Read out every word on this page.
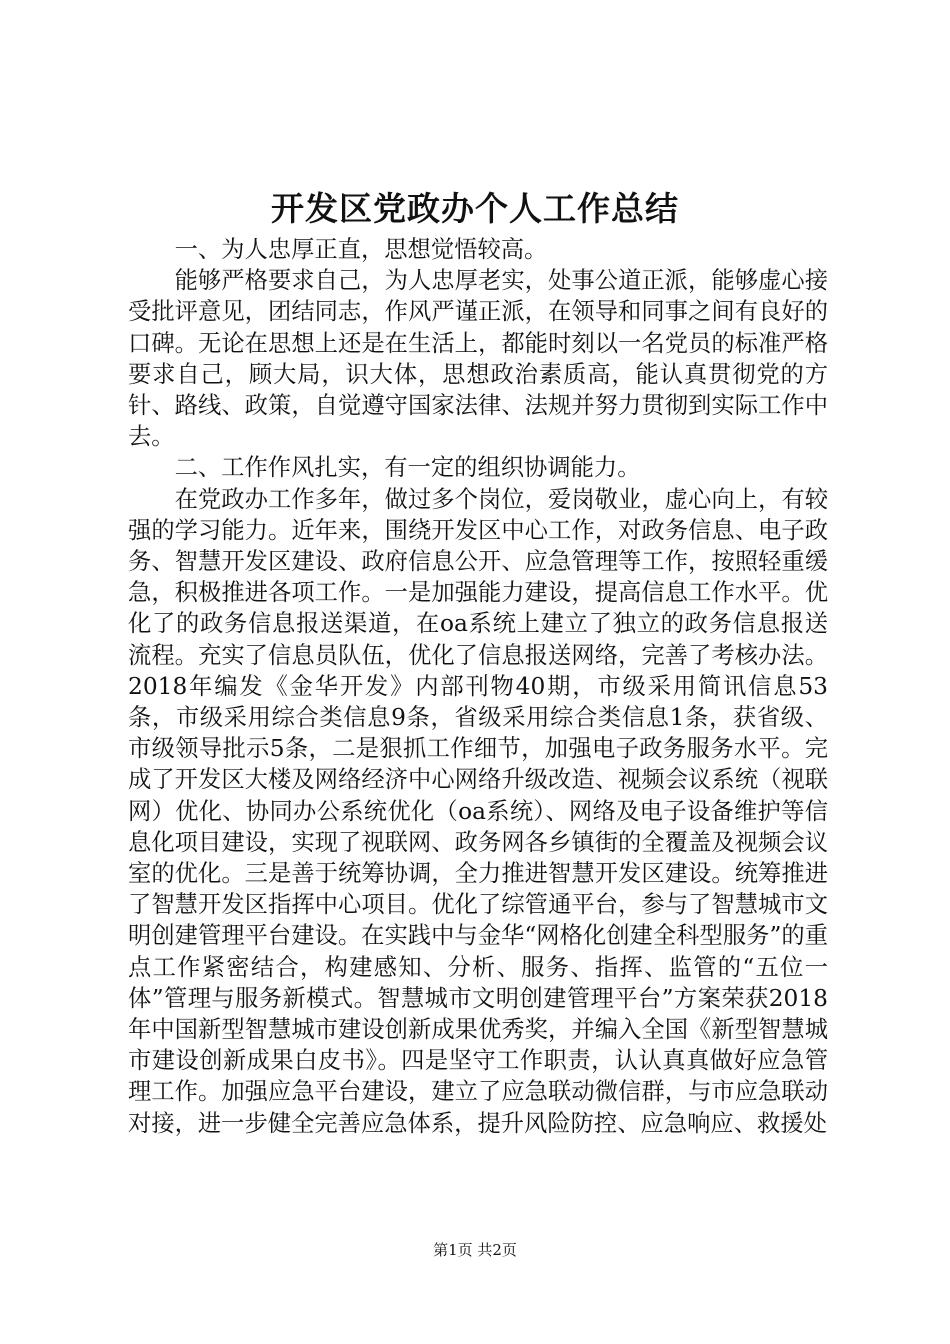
开发区党政办个人工作总结

一、为人忠厚正直，思想觉悟较高。

能够严格要求自己，为人忠厚老实，处事公道正派，能够虚心接受批评意见，团结同志，作风严谨正派，在领导和同事之间有良好的口碑。无论在思想上还是在生活上，都能时刻以一名党员的标准严格要求自己，顾大局，识大体，思想政治素质高，能认真贯彻党的方针、路线、政策，自觉遵守国家法律、法规并努力贯彻到实际工作中去。

二、工作作风扎实，有一定的组织协调能力。

在党政办工作多年，做过多个岗位，爱岗敬业，虚心向上，有较强的学习能力。近年来，围绕开发区中心工作，对政务信息、电子政务、智慧开发区建设、政府信息公开、应急管理等工作，按照轻重缓急，积极推进各项工作。一是加强能力建设，提高信息工作水平。优化了的政务信息报送渠道，在oa系统上建立了独立的政务信息报送流程。充实了信息员队伍，优化了信息报送网络，完善了考核办法。2018年编发《金华开发》内部刊物40期，市级采用简讯信息53条，市级采用综合类信息9条，省级采用综合类信息1条，获省级、市级领导批示5条，二是狠抓工作细节，加强电子政务服务水平。完成了开发区大楼及网络经济中心网络升级改造、视频会议系统（视联网）优化、协同办公系统优化（oa系统）、网络及电子设备维护等信息化项目建设，实现了视联网、政务网各乡镇街的全覆盖及视频会议室的优化。三是善于统筹协调，全力推进智慧开发区建设。统筹推进了智慧开发区指挥中心项目。优化了综管通平台，参与了智慧城市文明创建管理平台建设。在实践中与金华“网格化创建全科型服务”的重点工作紧密结合，构建感知、分析、服务、指挥、监管的“五位一体”管理与服务新模式。智慧城市文明创建管理平台”方案荣获2018年中国新型智慧城市建设创新成果优秀奖，并编入全国《新型智慧城市建设创新成果白皮书》。四是坚守工作职责，认认真真做好应急管理工作。加强应急平台建设，建立了应急联动微信群，与市应急联动对接，进一步健全完善应急体系，提升风险防控、应急响应、救援处

第1页 共2页
